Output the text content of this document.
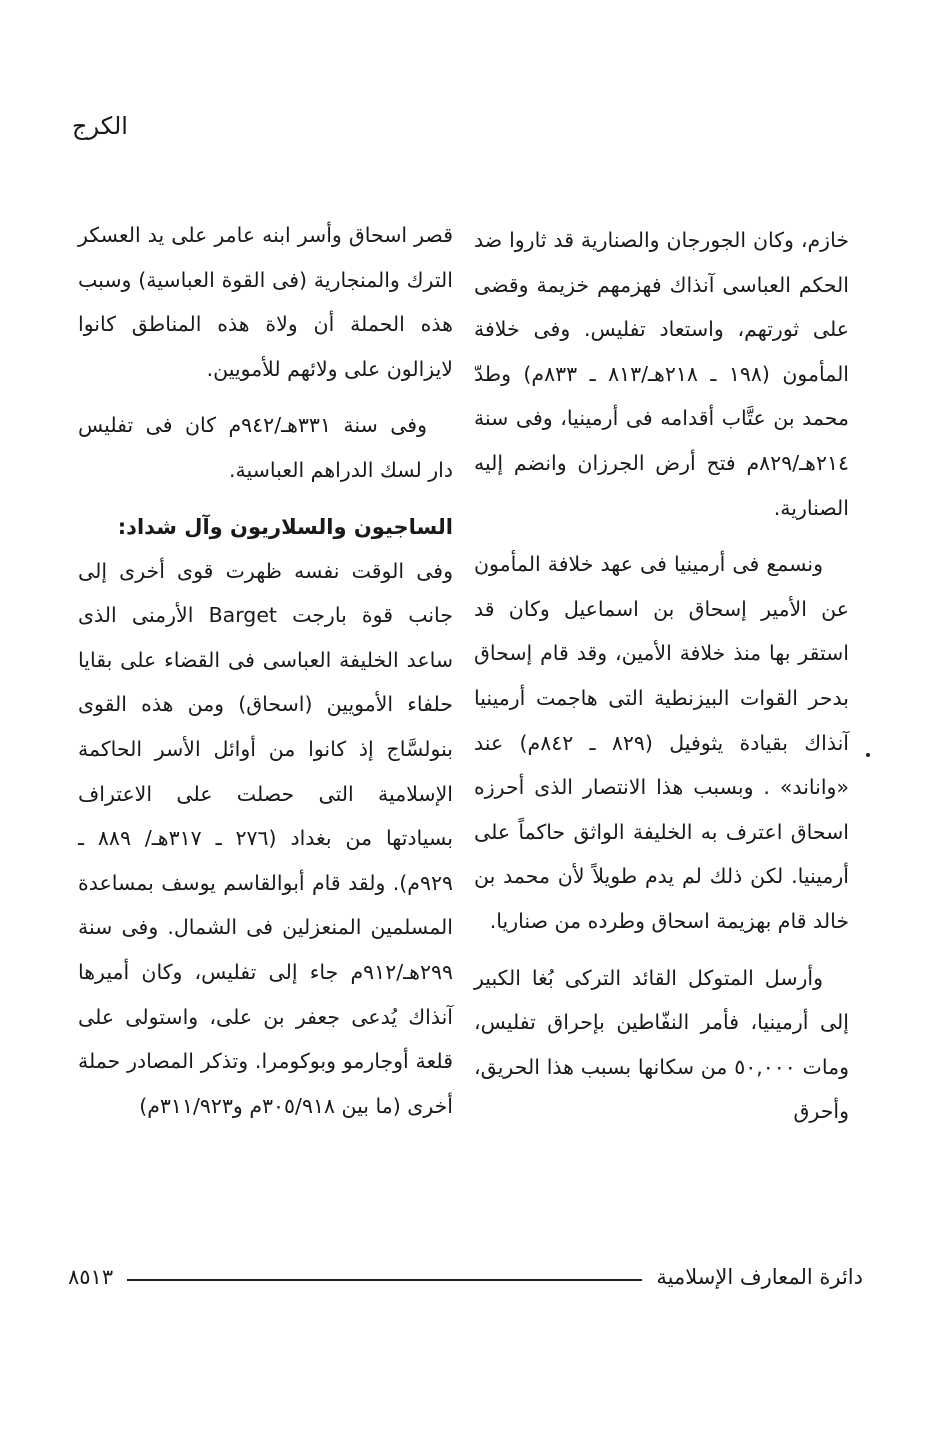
الكرج

خازم، وكان الجورجان والصنارية قد ثاروا ضد الحكم العباسى آنذاك فهزمهم خزيمة وقضى على ثورتهم، واستعاد تفليس. وفى خلافة المأمون (١٩٨ ـ ٢١٨هـ/٨١٣ ـ ٨٣٣م) وطدّ محمد بن عتَّاب أقدامه فى أرمينيا، وفى سنة ٢١٤هـ/٨٢٩م فتح أرض الجرزان وانضم إليه الصنارية.

ونسمع فى أرمينيا فى عهد خلافة المأمون عن الأمير إسحاق بن اسماعيل وكان قد استقر بها منذ خلافة الأمين، وقد قام إسحاق بدحر القوات البيزنطية التى هاجمت أرمينيا آنذاك بقيادة يثوفيل (٨٢٩ ـ ٨٤٢م) عند «واناند» . وبسبب هذا الانتصار الذى أحرزه اسحاق اعترف به الخليفة الواثق حاكماً على أرمينيا. لكن ذلك لم يدم طويلاً لأن محمد بن خالد قام بهزيمة اسحاق وطرده من صناريا.

وأرسل المتوكل القائد التركى بُغا الكبير إلى أرمينيا، فأمر النفّاطين بإحراق تفليس، ومات ٥٠,٠٠٠ من سكانها بسبب هذا الحريق، وأحرق

قصر اسحاق وأسر ابنه عامر على يد العسكر الترك والمنجارية (فى القوة العباسية) وسبب هذه الحملة أن ولاة هذه المناطق كانوا لايزالون على ولائهم للأمويين.

وفى سنة ٣٣١هـ/٩٤٢م كان فى تفليس دار لسك الدراهم العباسية.

الساجيون والسلاريون وآل شداد:

وفى الوقت نفسه ظهرت قوى أخرى إلى جانب قوة بارجت Barget الأرمنى الذى ساعد الخليفة العباسى فى القضاء على بقايا حلفاء الأمويين (اسحاق) ومن هذه القوى بنولسَّاج إذ كانوا من أوائل الأسر الحاكمة الإسلامية التى حصلت على الاعتراف بسيادتها من بغداد (٢٧٦ ـ ٣١٧هـ/ ٨٨٩ ـ ٩٢٩م). ولقد قام أبوالقاسم يوسف بمساعدة المسلمين المنعزلين فى الشمال. وفى سنة ٢٩٩هـ/٩١٢م جاء إلى تفليس، وكان أميرها آنذاك يُدعى جعفر بن على، واستولى على قلعة أوجارمو وبوكومرا. وتذكر المصادر حملة أخرى (ما بين ٣٠٥/٩١٨م و٣١١/٩٢٣م)

دائرة المعارف الإسلامية
٨٥١٣
